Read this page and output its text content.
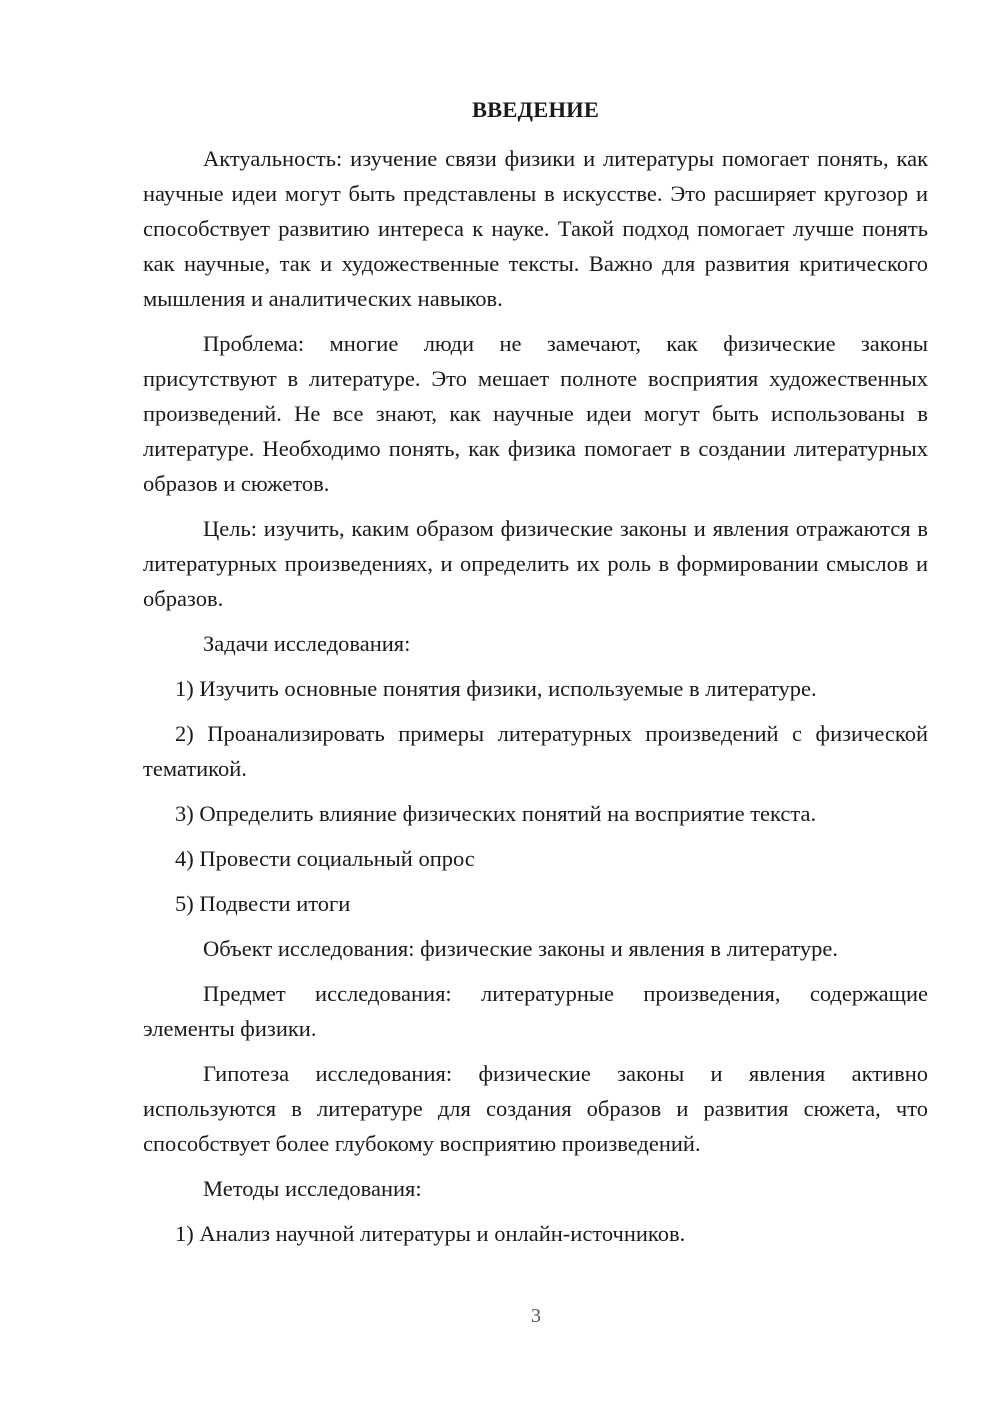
ВВЕДЕНИЕ

Актуальность: изучение связи физики и литературы помогает понять, как научные идеи могут быть представлены в искусстве. Это расширяет кругозор и способствует развитию интереса к науке. Такой подход помогает лучше понять как научные, так и художественные тексты. Важно для развития критического мышления и аналитических навыков.

Проблема: многие люди не замечают, как физические законы присутствуют в литературе. Это мешает полноте восприятия художественных произведений. Не все знают, как научные идеи могут быть использованы в литературе. Необходимо понять, как физика помогает в создании литературных образов и сюжетов.

Цель: изучить, каким образом физические законы и явления отражаются в литературных произведениях, и определить их роль в формировании смыслов и образов.

Задачи исследования:

1) Изучить основные понятия физики, используемые в литературе.

2) Проанализировать примеры литературных произведений с физической тематикой.

3) Определить влияние физических понятий на восприятие текста.

4) Провести социальный опрос

5) Подвести итоги

Объект исследования: физические законы и явления в литературе.

Предмет исследования: литературные произведения, содержащие элементы физики.

Гипотеза исследования: физические законы и явления активно используются в литературе для создания образов и развития сюжета, что способствует более глубокому восприятию произведений.

Методы исследования:

1) Анализ научной литературы и онлайн-источников.

3
